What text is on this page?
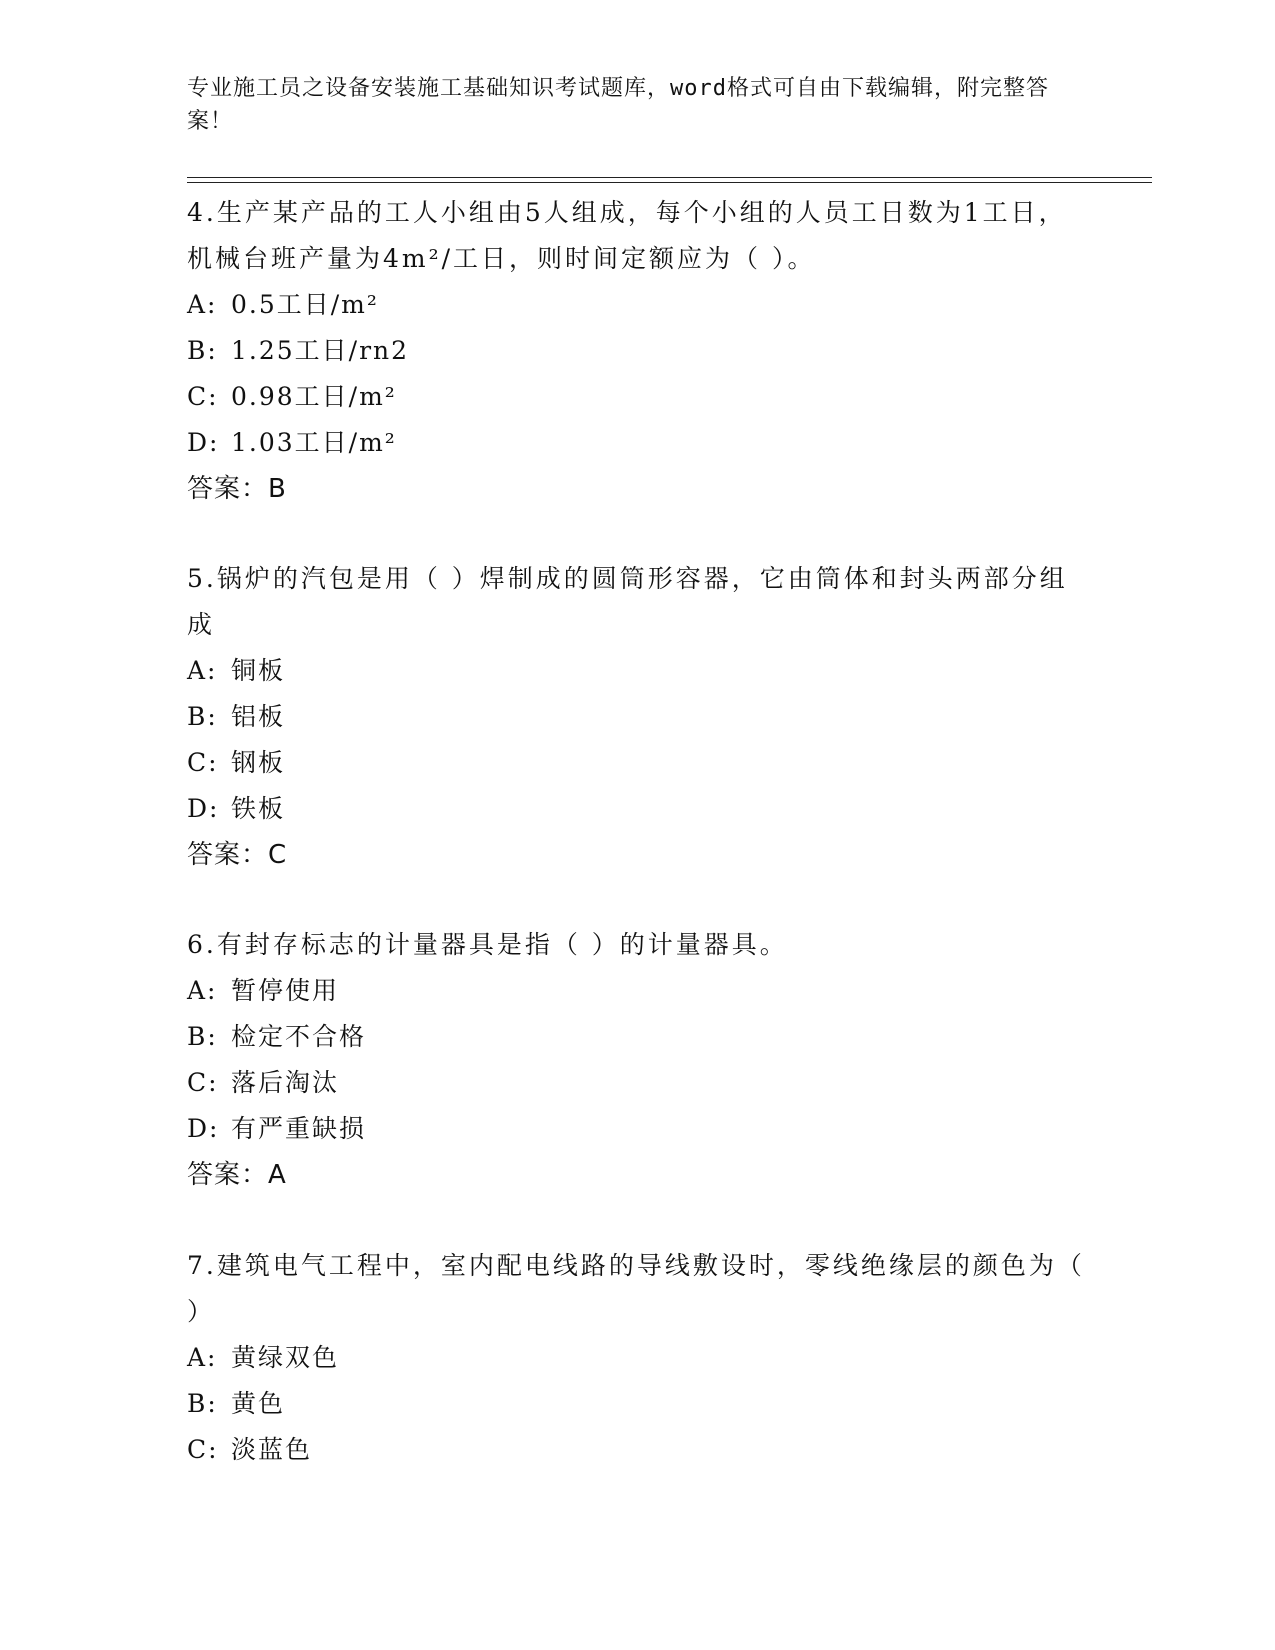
专业施工员之设备安装施工基础知识考试题库，word格式可自由下载编辑，附完整答案！
4.生产某产品的工人小组由5人组成，每个小组的人员工日数为1工日，机械台班产量为4m²/工日，则时间定额应为（ ）。
A: 0.5工日/m²
B: 1.25工日/rn2
C: 0.98工日/m²
D: 1.03工日/m²
答案：B
5.锅炉的汽包是用（ ）焊制成的圆筒形容器，它由筒体和封头两部分组成
A: 铜板
B: 铝板
C: 钢板
D: 铁板
答案：C
6.有封存标志的计量器具是指（ ）的计量器具。
A: 暂停使用
B: 检定不合格
C: 落后淘汰
D: 有严重缺损
答案：A
7.建筑电气工程中，室内配电线路的导线敷设时，零线绝缘层的颜色为（ ）
A: 黄绿双色
B: 黄色
C: 淡蓝色
